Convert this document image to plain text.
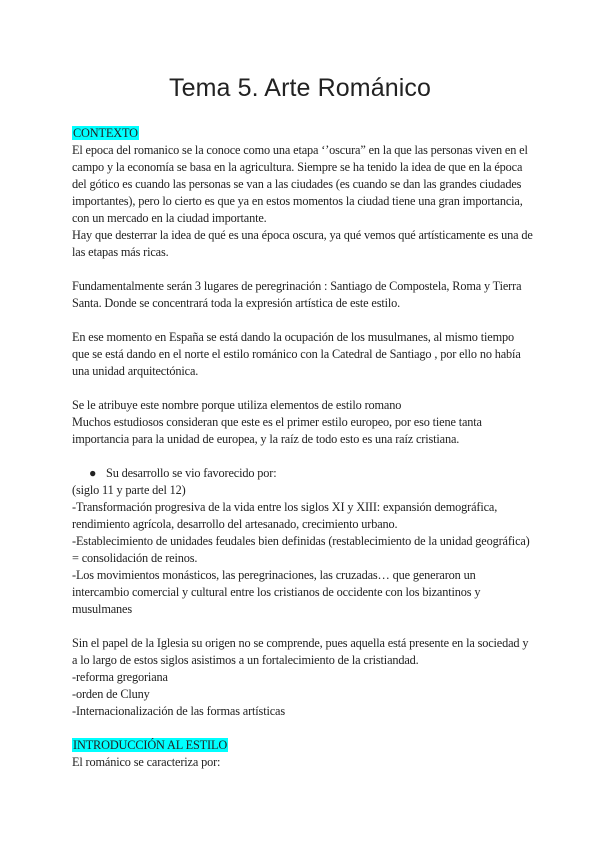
Tema 5. Arte Románico

CONTEXTO

El epoca del romanico se la conoce como una etapa ‘’oscura” en la que las personas viven en el campo y la economía se basa en la agricultura. Siempre se ha tenido la idea de que en la época del gótico es cuando las personas se van a las ciudades (es cuando se dan las grandes ciudades importantes), pero lo cierto es que ya en estos momentos la ciudad tiene una gran importancia, con un mercado en la ciudad importante.

Hay que desterrar la idea de qué es una época oscura, ya qué vemos qué artísticamente es una de las etapas más ricas.

Fundamentalmente serán 3 lugares de peregrinación : Santiago de Compostela, Roma y Tierra Santa. Donde se concentrará toda la expresión artística de este estilo.

En ese momento en España se está dando la ocupación de los musulmanes, al mismo tiempo que se está dando en el norte el estilo románico con la Catedral de Santiago , por ello no había una unidad arquitectónica.

Se le atribuye este nombre porque utiliza elementos de estilo romano

Muchos estudiosos consideran que este es el primer estilo europeo, por eso tiene tanta importancia para la unidad de europea, y la raíz de todo esto es una raíz cristiana.

● Su desarrollo se vio favorecido por:

(siglo 11 y parte del 12)

-Transformación progresiva de la vida entre los siglos XI y XIII: expansión demográfica, rendimiento agrícola, desarrollo del artesanado, crecimiento urbano.

-Establecimiento de unidades feudales bien definidas (restablecimiento de la unidad geográfica) = consolidación de reinos.

-Los movimientos monásticos, las peregrinaciones, las cruzadas… que generaron un intercambio comercial y cultural entre los cristianos de occidente con los bizantinos y musulmanes

Sin el papel de la Iglesia su origen no se comprende, pues aquella está presente en la sociedad y a lo largo de estos siglos asistimos a un fortalecimiento de la cristiandad.

-reforma gregoriana

-orden de Cluny

-Internacionalización de las formas artísticas

INTRODUCCIÓN AL ESTILO

El románico se caracteriza por:
